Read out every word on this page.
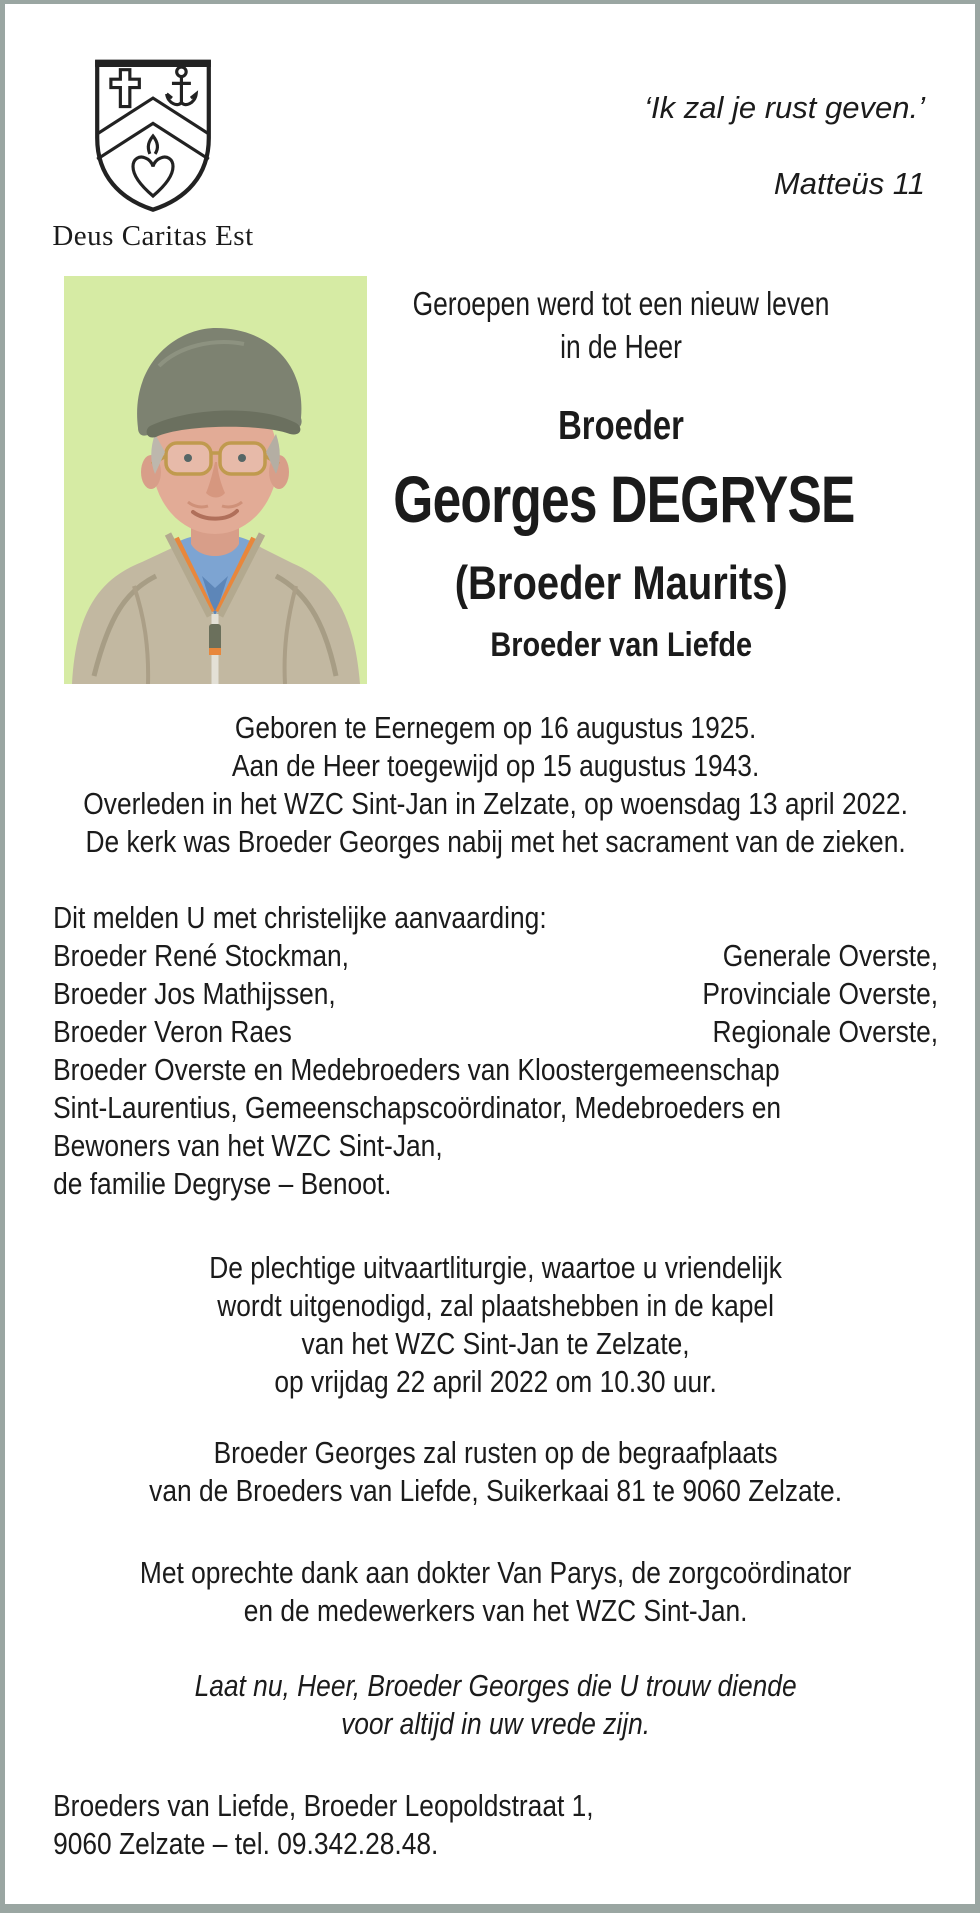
Deus Caritas Est
‘Ik zal je rust geven.’
Matteüs 11
Geroepen werd tot een nieuw leven
in de Heer
Broeder
Georges DEGRYSE
(Broeder Maurits)
Broeder van Liefde
Geboren te Eernegem op 16 augustus 1925.
Aan de Heer toegewijd op 15 augustus 1943.
Overleden in het WZC Sint-Jan in Zelzate, op woensdag 13 april 2022.
De kerk was Broeder Georges nabij met het sacrament van de zieken.
Dit melden U met christelijke aanvaarding:
Broeder René Stockman,	Generale Overste,
Broeder Jos Mathijssen,	Provinciale Overste,
Broeder Veron Raes	Regionale Overste,
Broeder Overste en Medebroeders van Kloostergemeenschap
Sint-Laurentius, Gemeenschapscoördinator, Medebroeders en
Bewoners van het WZC Sint-Jan,
de familie Degryse – Benoot.
De plechtige uitvaartliturgie, waartoe u vriendelijk
wordt uitgenodigd, zal plaatshebben in de kapel
van het WZC Sint-Jan te Zelzate,
op vrijdag 22 april 2022 om 10.30 uur.
Broeder Georges zal rusten op de begraafplaats
van de Broeders van Liefde, Suikerkaai 81 te 9060 Zelzate.
Met oprechte dank aan dokter Van Parys, de zorgcoördinator
en de medewerkers van het WZC Sint-Jan.
Laat nu, Heer, Broeder Georges die U trouw diende
voor altijd in uw vrede zijn.
Broeders van Liefde, Broeder Leopoldstraat 1,
9060 Zelzate – tel. 09.342.28.48.
